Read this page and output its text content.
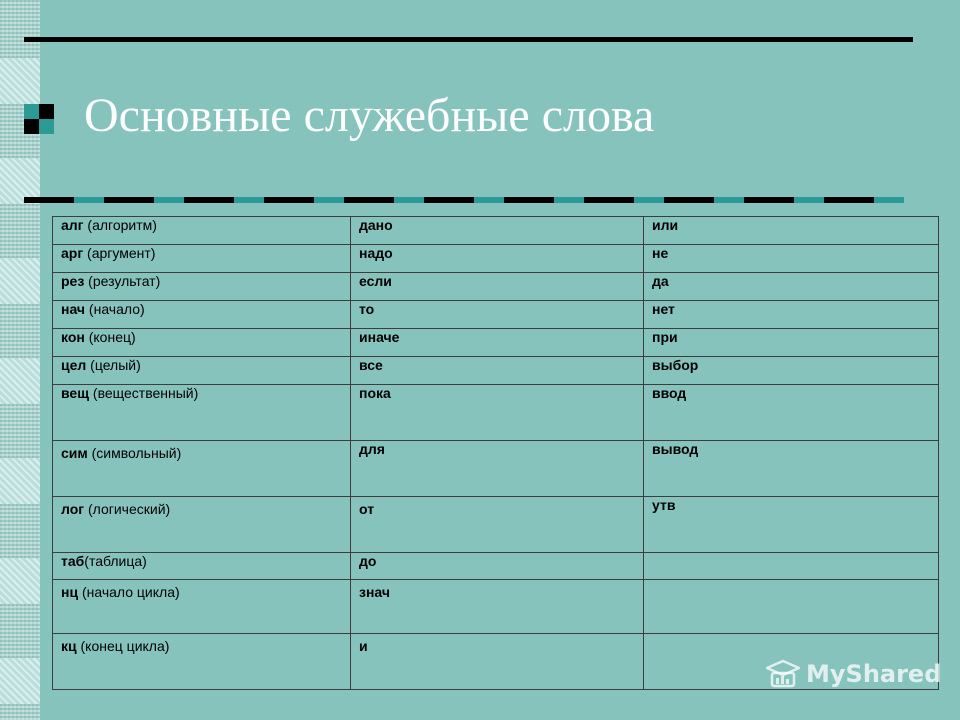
Основные служебные слова
алг (алгоритм)	дано	или

арг (аргумент)	надо	не

рез (результат)	если	да

нач (начало)	то	нет

кон (конец)	иначе	при

цел (целый)	все	выбор

вещ (вещественный)	пока	ввод

сим (символьный)	для	вывод

лог (логический)	от	утв

таб(таблица)	до	

нц (начало цикла)	знач	

кц (конец цикла)	и	

MyShared
